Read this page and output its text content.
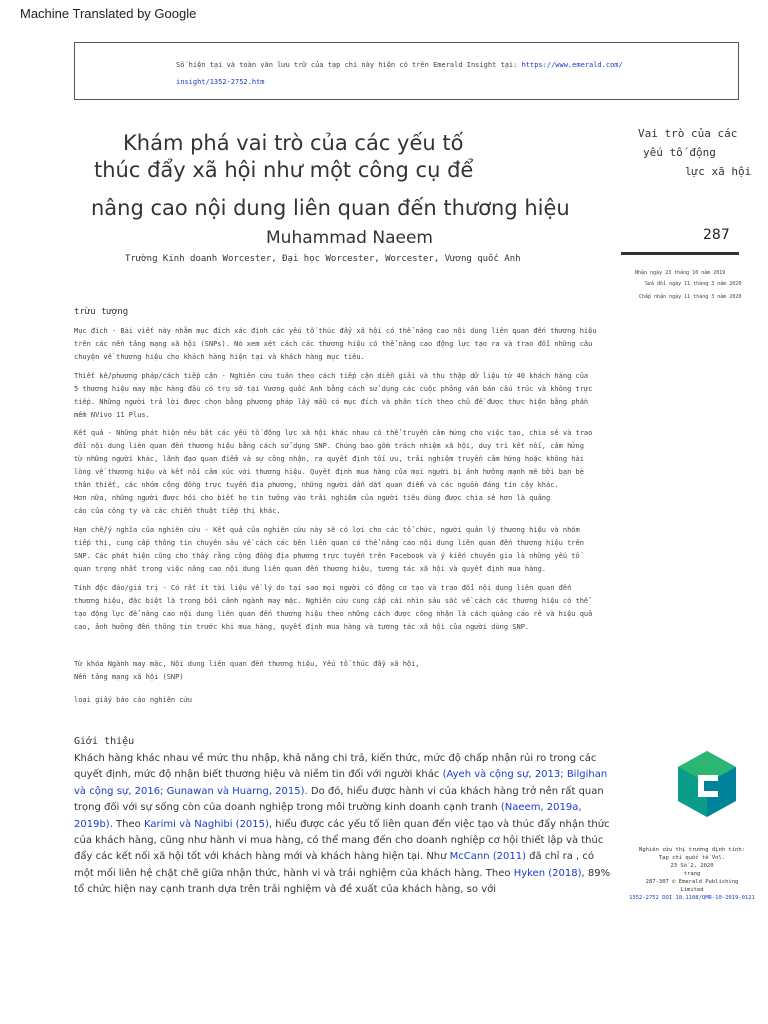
Machine Translated by Google
Số hiện tại và toàn văn lưu trữ của tạp chí này hiện có trên Emerald Insight tại: https://www.emerald.com/
insight/1352-2752.htm
Khám phá vai trò của các yếu tố
thúc đẩy xã hội như một công cụ để
nâng cao nội dung liên quan đến thương hiệu
Muhammad Naeem
Trường Kinh doanh Worcester, Đại học Worcester, Worcester, Vương quốc Anh
Vai trò của các
yếu tố động
lực xã hội
287
Nhận ngày 23 tháng 10 năm 2019
Sửa đổi ngày 11 tháng 3 năm 2020
Chấp nhận ngày 11 tháng 3 năm 2020
trừu tượng
Mục đích - Bài viết này nhằm mục đích xác định các yếu tố thúc đẩy xã hội có thể nâng cao nội dung liên quan đến thương hiệu
trên các nền tảng mạng xã hội (SNPs). Nó xem xét cách các thương hiệu có thể nâng cao động lực tạo ra và trao đổi những câu
chuyện về thương hiệu cho khách hàng hiện tại và khách hàng mục tiêu.
Thiết kế/phương pháp/cách tiếp cận - Nghiên cứu tuân theo cách tiếp cận diễn giải và thu thập dữ liệu từ 40 khách hàng của
5 thương hiệu may mặc hàng đầu có trụ sở tại Vương quốc Anh bằng cách sử dụng các cuộc phỏng vấn bán cấu trúc và không trực
tiếp. Những người trả lời được chọn bằng phương pháp lấy mẫu có mục đích và phân tích theo chủ đề được thực hiện bằng phần
mềm NVivo 11 Plus.
Kết quả - Những phát hiện nêu bật các yếu tố động lực xã hội khác nhau có thể truyền cảm hứng cho việc tạo, chia sẻ và trao
đổi nội dung liên quan đến thương hiệu bằng cách sử dụng SNP. Chúng bao gồm trách nhiệm xã hội, duy trì kết nối, cảm hứng
từ những người khác, lãnh đạo quan điểm và sự công nhận, ra quyết định tối ưu, trải nghiệm truyền cảm hứng hoặc không hài
lòng về thương hiệu và kết nối cảm xúc với thương hiệu. Quyết định mua hàng của mọi người bị ảnh hưởng mạnh mẽ bởi bạn bè
thân thiết, các nhóm cộng đồng trực tuyến địa phương, những người dẫn dắt quan điểm và các nguồn đáng tin cậy khác.
Hơn nữa, những người được hỏi cho biết họ tin tưởng vào trải nghiệm của người tiêu dùng được chia sẻ hơn là quảng
cáo của công ty và các chiến thuật tiếp thị khác.
Hạn chế/ý nghĩa của nghiên cứu - Kết quả của nghiên cứu này sẽ có lợi cho các tổ chức, người quản lý thương hiệu và nhóm
tiếp thị, cung cấp thông tin chuyên sâu về cách các bên liên quan có thể nâng cao nội dung liên quan đến thương hiệu trên
SNP. Các phát hiện cũng cho thấy rằng cộng đồng địa phương trực tuyến trên Facebook và ý kiến chuyên gia là những yếu tố
quan trọng nhất trong việc nâng cao nội dung liên quan đến thương hiệu, tương tác xã hội và quyết định mua hàng.
Tính độc đáo/giá trị - Có rất ít tài liệu về lý do tại sao mọi người có động cơ tạo và trao đổi nội dung liên quan đến
thương hiệu, đặc biệt là trong bối cảnh ngành may mặc. Nghiên cứu cung cấp cái nhìn sâu sắc về cách các thương hiệu có thể
tạo động lực để nâng cao nội dung liên quan đến thương hiệu theo những cách được công nhận là cách quảng cáo rẻ và hiệu quả
cao, ảnh hưởng đến thông tin trước khi mua hàng, quyết định mua hàng và tương tác xã hội của người dùng SNP.
Từ khóa Ngành may mặc, Nội dung liên quan đến thương hiệu, Yếu tố thúc đẩy xã hội,
Nền tảng mạng xã hội (SNP)
loại giấy báo cáo nghiên cứu
Giới thiệu
Khách hàng khác nhau về mức thu nhập, khả năng chi trả, kiến thức, mức độ chấp nhận rủi ro trong các quyết định, mức độ nhận biết thương hiệu và niềm tin đối với người khác (Ayeh và cộng sự, 2013; Bilgihan và cộng sự, 2016; Gunawan và Huarng, 2015). Do đó, hiểu được hành vi của khách hàng trở nên rất quan trọng đối với sự sống còn của doanh nghiệp trong môi trường kinh doanh cạnh tranh (Naeem, 2019a, 2019b). Theo Karimi và Naghibi (2015), hiểu được các yếu tố liên quan đến việc tạo và thúc đẩy nhận thức của khách hàng, cũng như hành vi mua hàng, có thể mang đến cho doanh nghiệp cơ hội thiết lập và thúc đẩy các kết nối xã hội tốt với khách hàng mới và khách hàng hiện tại. Như McCann (2011) đã chỉ ra , có một mối liên hệ chặt chẽ giữa nhận thức, hành vi và trải nghiệm của khách hàng. Theo Hyken (2018), 89% tổ chức hiện nay cạnh tranh dựa trên trải nghiệm và đề xuất của khách hàng, so với
Nghiên cứu thị trường định tính:
Tạp chí quốc tế Vol.
23 Số 2, 2020
trang
287-307 © Emerald Publishing
Limited
1352-2752 DOI 10.1108/QMR-10-2019-0121
